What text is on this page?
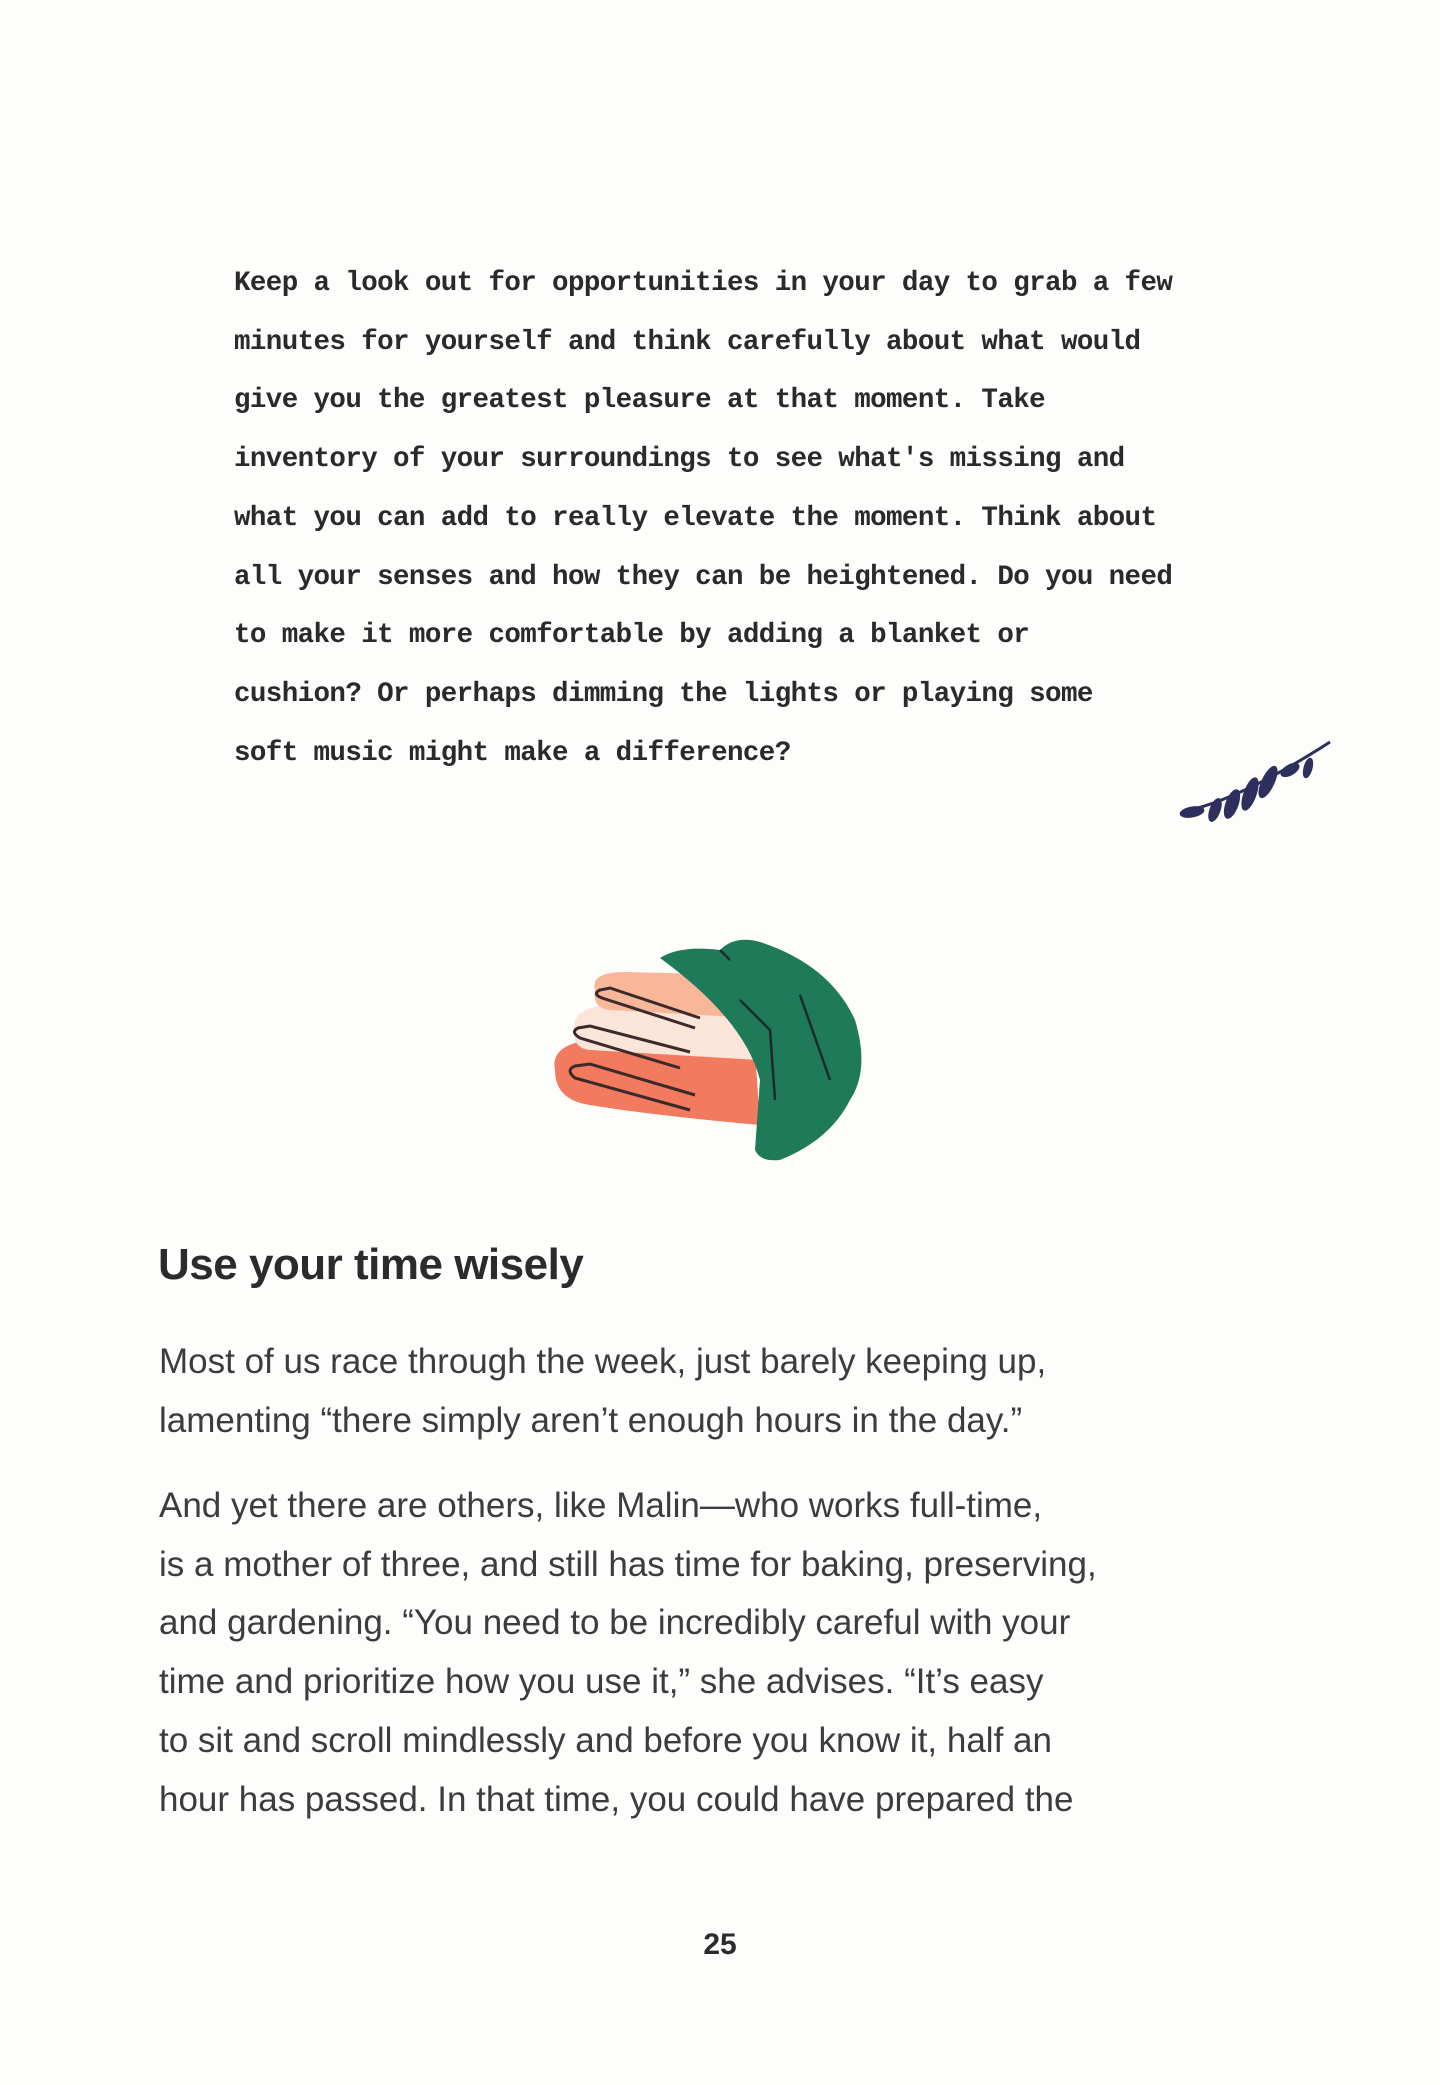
Keep a look out for opportunities in your day to grab a few
minutes for yourself and think carefully about what would
give you the greatest pleasure at that moment. Take
inventory of your surroundings to see what's missing and
what you can add to really elevate the moment. Think about
all your senses and how they can be heightened. Do you need
to make it more comfortable by adding a blanket or
cushion? Or perhaps dimming the lights or playing some
soft music might make a difference?
Use your time wisely
Most of us race through the week, just barely keeping up,
lamenting “there simply aren’t enough hours in the day.”
And yet there are others, like Malin—who works full-time,
is a mother of three, and still has time for baking, preserving,
and gardening. “You need to be incredibly careful with your
time and prioritize how you use it,” she advises. “It’s easy
to sit and scroll mindlessly and before you know it, half an
hour has passed. In that time, you could have prepared the
25
